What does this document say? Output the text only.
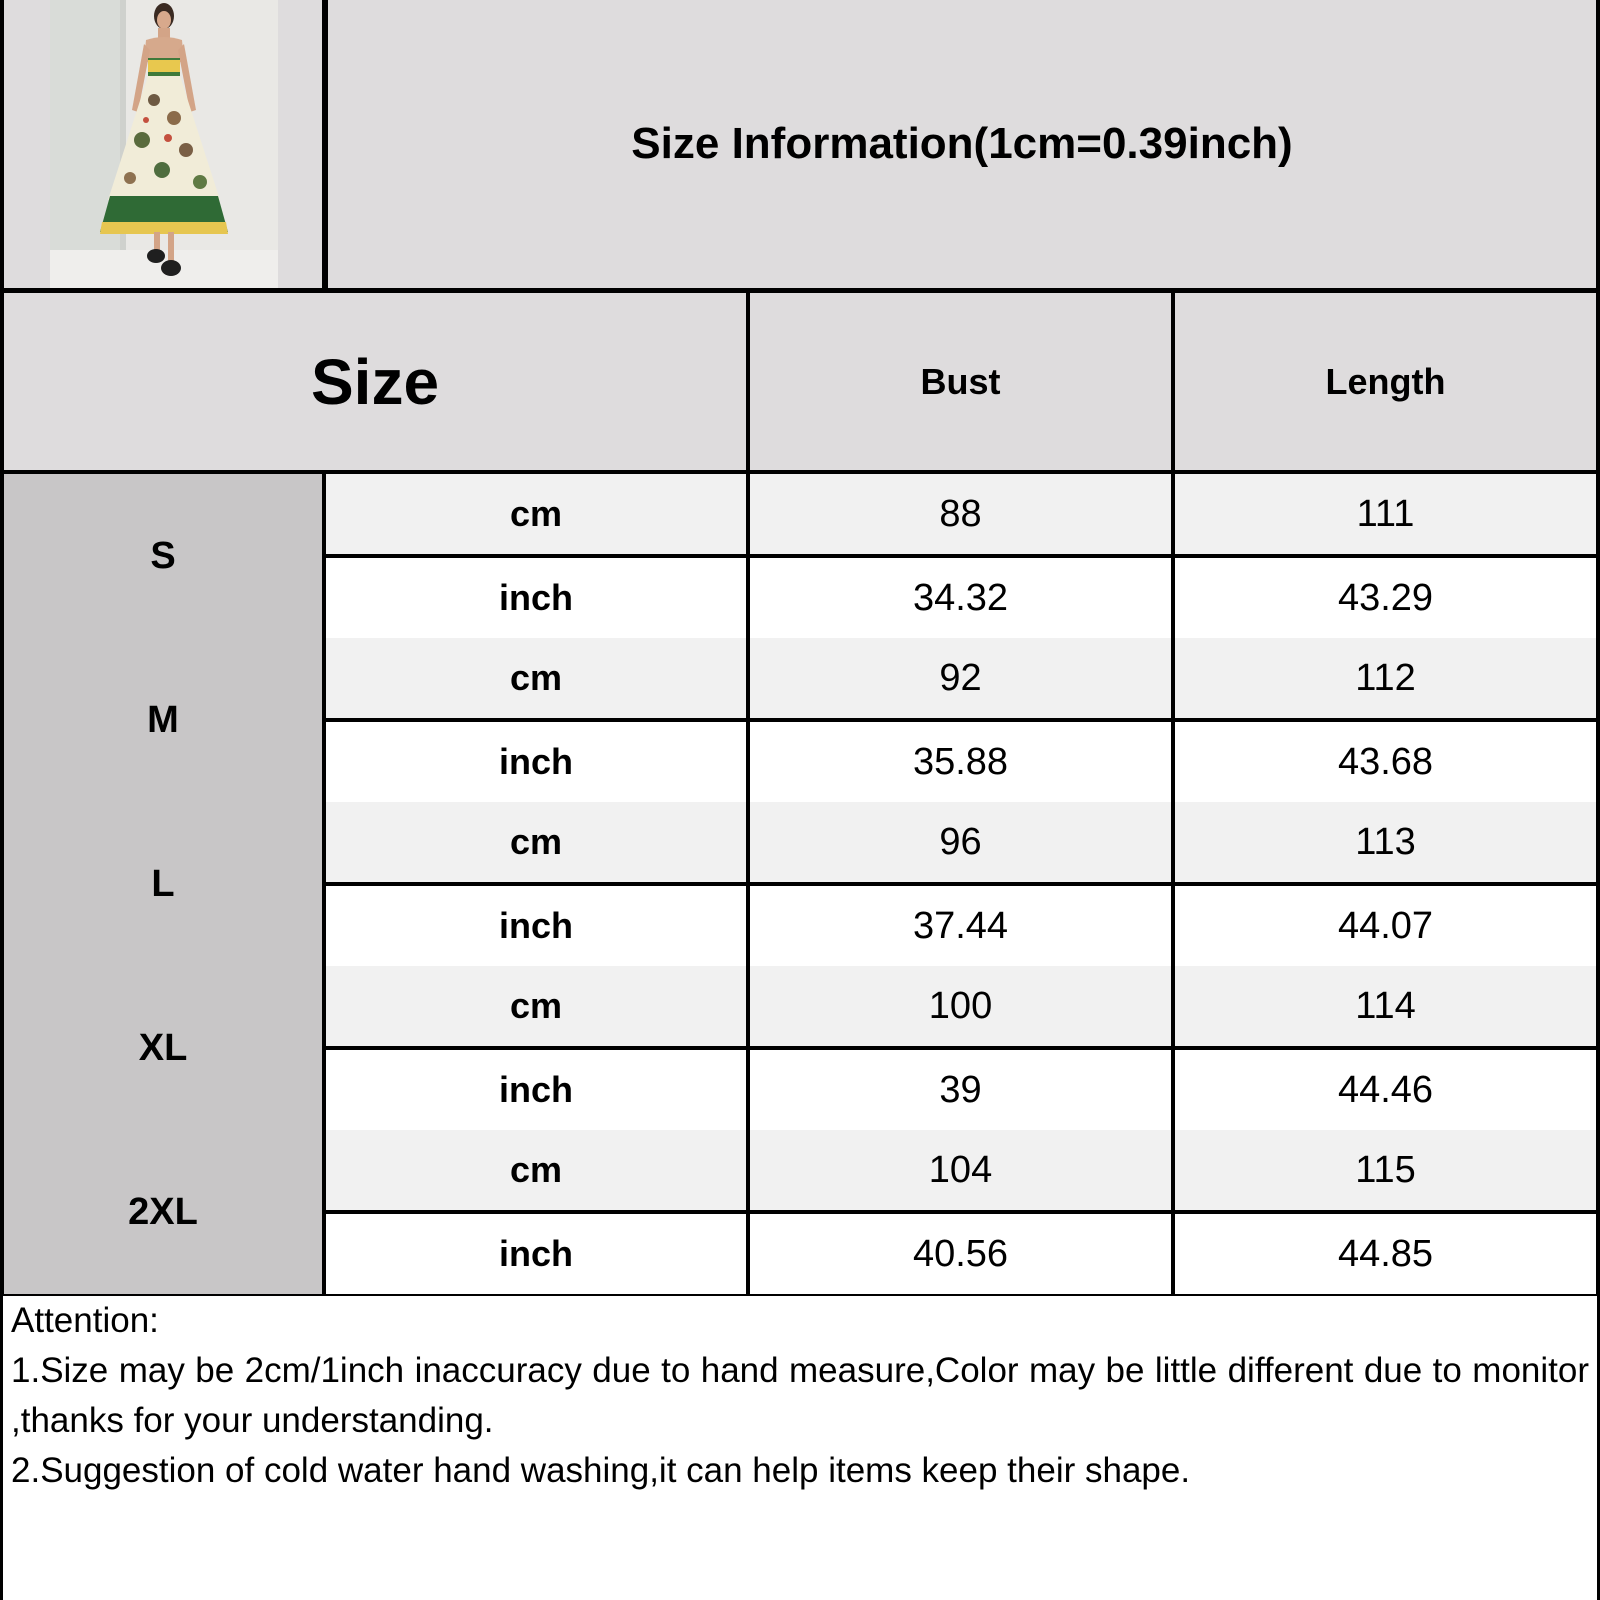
Size Information(1cm=0.39inch)
Size	Bust	Length
S
cm	88	111
inch	34.32	43.29
M
cm	92	112
inch	35.88	43.68
L
cm	96	113
inch	37.44	44.07
XL
cm	100	114
inch	39	44.46
2XL
cm	104	115
inch	40.56	44.85

Attention:

1.Size may be 2cm/1inch inaccuracy due to hand measure,Color may be little different due to monitor ,thanks for your understanding.

2.Suggestion of cold water hand washing,it can help items keep their shape.
